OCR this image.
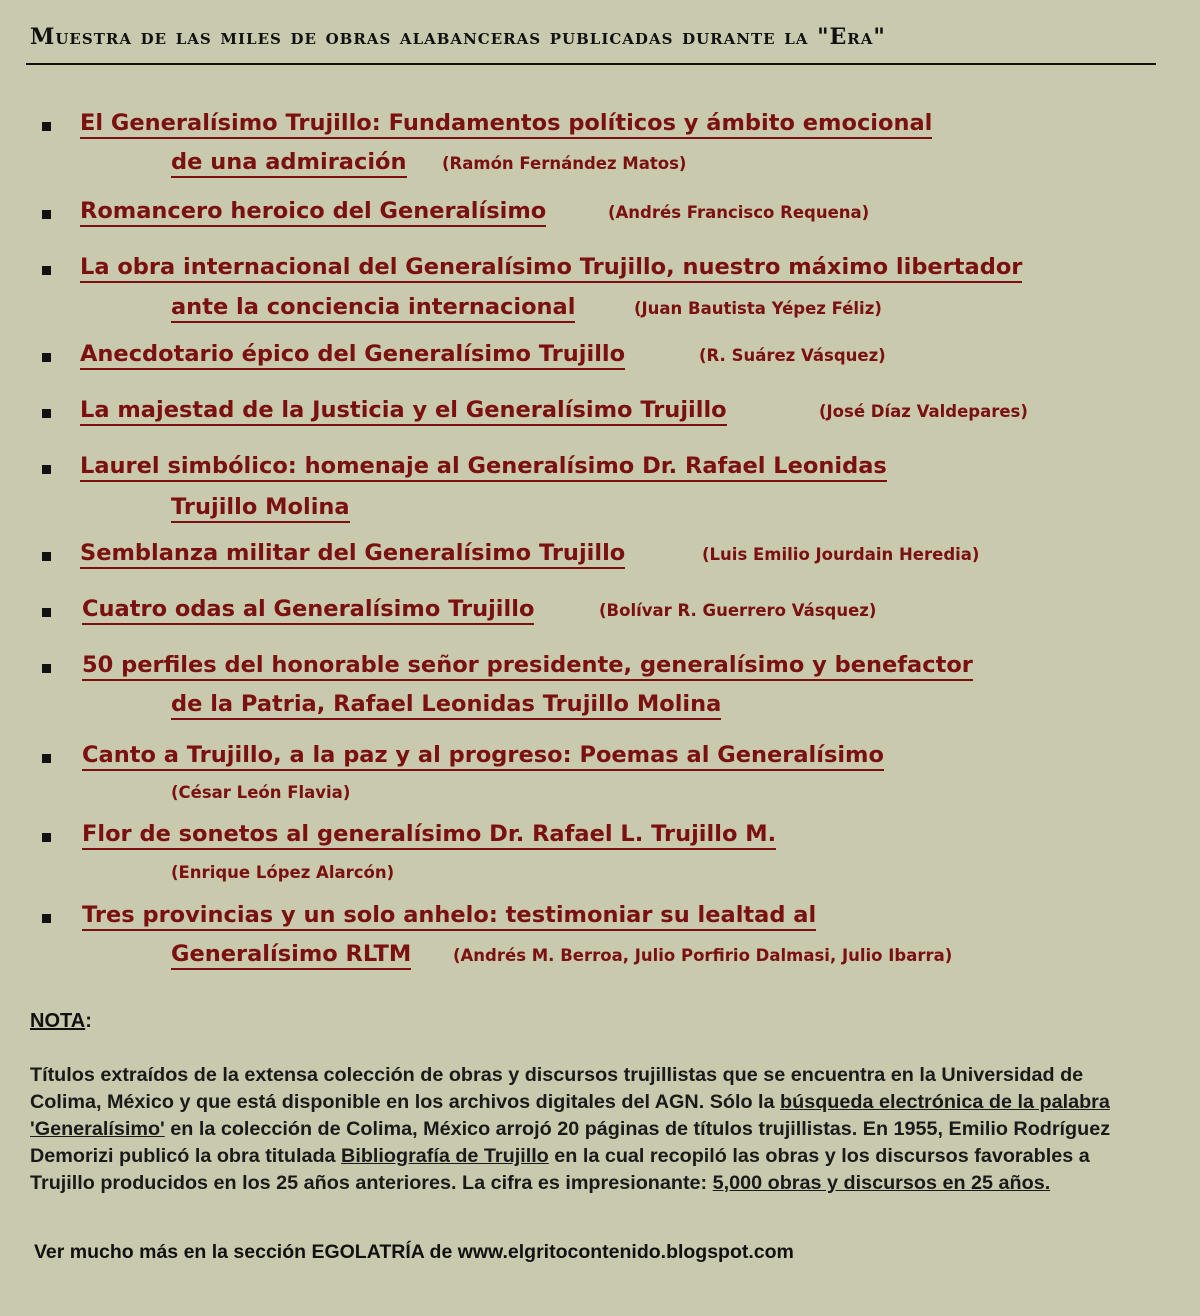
Muestra de las miles de obras alabanceras publicadas durante la "Era"
El Generalísimo Trujillo: Fundamentos políticos y ámbito emocional
de una admiración (Ramón Fernández Matos)
Romancero heroico del Generalísimo	(Andrés Francisco Requena)
La obra internacional del Generalísimo Trujillo, nuestro máximo libertador
ante la conciencia internacional	(Juan Bautista Yépez Féliz)
Anecdotario épico del Generalísimo Trujillo	(R. Suárez Vásquez)
La majestad de la Justicia y el Generalísimo Trujillo	(José Díaz Valdepares)
Laurel simbólico: homenaje al Generalísimo Dr. Rafael Leonidas
Trujillo Molina
Semblanza militar del Generalísimo Trujillo	(Luis Emilio Jourdain Heredia)
Cuatro odas al Generalísimo Trujillo	(Bolívar R. Guerrero Vásquez)
50 perfiles del honorable señor presidente, generalísimo y benefactor
de la Patria, Rafael Leonidas Trujillo Molina
Canto a Trujillo, a la paz y al progreso: Poemas al Generalísimo
(César León Flavia)
Flor de sonetos al generalísimo Dr. Rafael L. Trujillo M.
(Enrique López Alarcón)
Tres provincias y un solo anhelo: testimoniar su lealtad al
Generalísimo RLTM	(Andrés M. Berroa, Julio Porfirio Dalmasi, Julio Ibarra)
NOTA:
Títulos extraídos de la extensa colección de obras y discursos trujillistas que se encuentra en la Universidad de Colima, México y que está disponible en los archivos digitales del AGN. Sólo la búsqueda electrónica de la palabra 'Generalísimo' en la colección de Colima, México arrojó 20 páginas de títulos trujillistas. En 1955, Emilio Rodríguez Demorizi publicó la obra titulada Bibliografía de Trujillo en la cual recopiló las obras y los discursos favorables a Trujillo producidos en los 25 años anteriores. La cifra es impresionante: 5,000 obras y discursos en 25 años.
Ver mucho más en la sección EGOLATRÍA de www.elgritocontenido.blogspot.com
